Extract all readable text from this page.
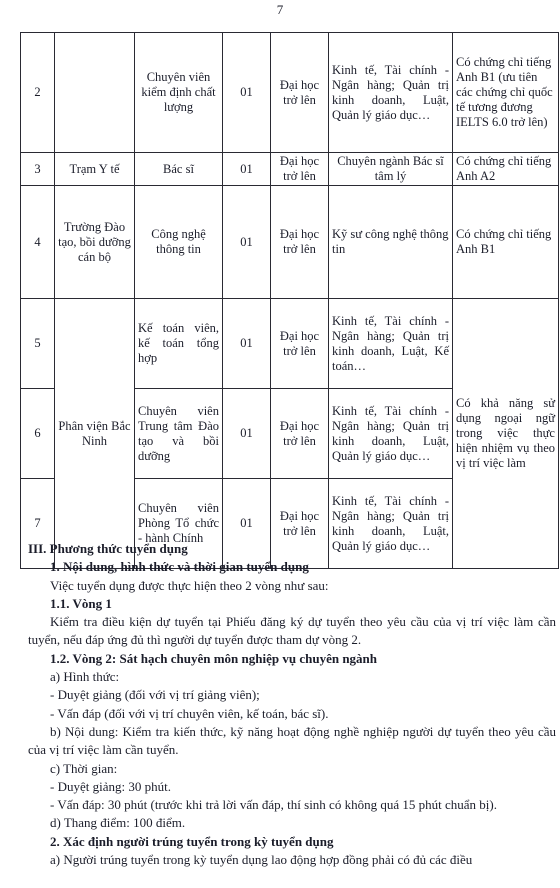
7
2		Chuyên viên kiểm định chất lượng	01	Đại học trở lên	Kinh tế, Tài chính - Ngân hàng; Quản trị kinh doanh, Luật, Quản lý giáo dục…	Có chứng chỉ tiếng Anh B1 (ưu tiên các chứng chỉ quốc tế tương đương IELTS 6.0 trở lên)
3	Trạm Y tế	Bác sĩ	01	Đại học trở lên	Chuyên ngành Bác sĩ tâm lý	Có chứng chỉ tiếng Anh A2
4	Trường Đào tạo, bồi dưỡng cán bộ	Công nghệ thông tin	01	Đại học trở lên	Kỹ sư công nghệ thông tin	Có chứng chỉ tiếng Anh B1
5	Phân viện Bắc Ninh	Kế toán viên, kế toán tổng hợp	01	Đại học trở lên	Kinh tế, Tài chính - Ngân hàng; Quản trị kinh doanh, Luật, Kế toán…	Có khả năng sử dụng ngoại ngữ trong việc thực hiện nhiệm vụ theo vị trí việc làm
6		Chuyên viên Trung tâm Đào tạo và bồi dưỡng	01	Đại học trở lên	Kinh tế, Tài chính - Ngân hàng; Quản trị kinh doanh, Luật, Quản lý giáo dục…	
7		Chuyên viên Phòng Tổ chức - hành Chính	01	Đại học trở lên	Kinh tế, Tài chính - Ngân hàng; Quản trị kinh doanh, Luật, Quản lý giáo dục…	

III. Phương thức tuyển dụng

1. Nội dung, hình thức và thời gian tuyển dụng

Việc tuyển dụng được thực hiện theo 2 vòng như sau:

1.1. Vòng 1

Kiểm tra điều kiện dự tuyển tại Phiếu đăng ký dự tuyển theo yêu cầu của vị trí việc làm cần tuyển, nếu đáp ứng đủ thì người dự tuyển được tham dự vòng 2.

1.2. Vòng 2: Sát hạch chuyên môn nghiệp vụ chuyên ngành

a) Hình thức:

- Duyệt giảng (đối với vị trí giảng viên);

- Vấn đáp (đối với vị trí chuyên viên, kế toán, bác sĩ).

b) Nội dung: Kiểm tra kiến thức, kỹ năng hoạt động nghề nghiệp người dự tuyển theo yêu cầu của vị trí việc làm cần tuyển.

c) Thời gian:

- Duyệt giảng: 30 phút.

- Vấn đáp: 30 phút (trước khi trả lời vấn đáp, thí sinh có không quá 15 phút chuẩn bị).

d) Thang điểm: 100 điểm.

2. Xác định người trúng tuyển trong kỳ tuyển dụng

a) Người trúng tuyển trong kỳ tuyển dụng lao động hợp đồng phải có đủ các điều
